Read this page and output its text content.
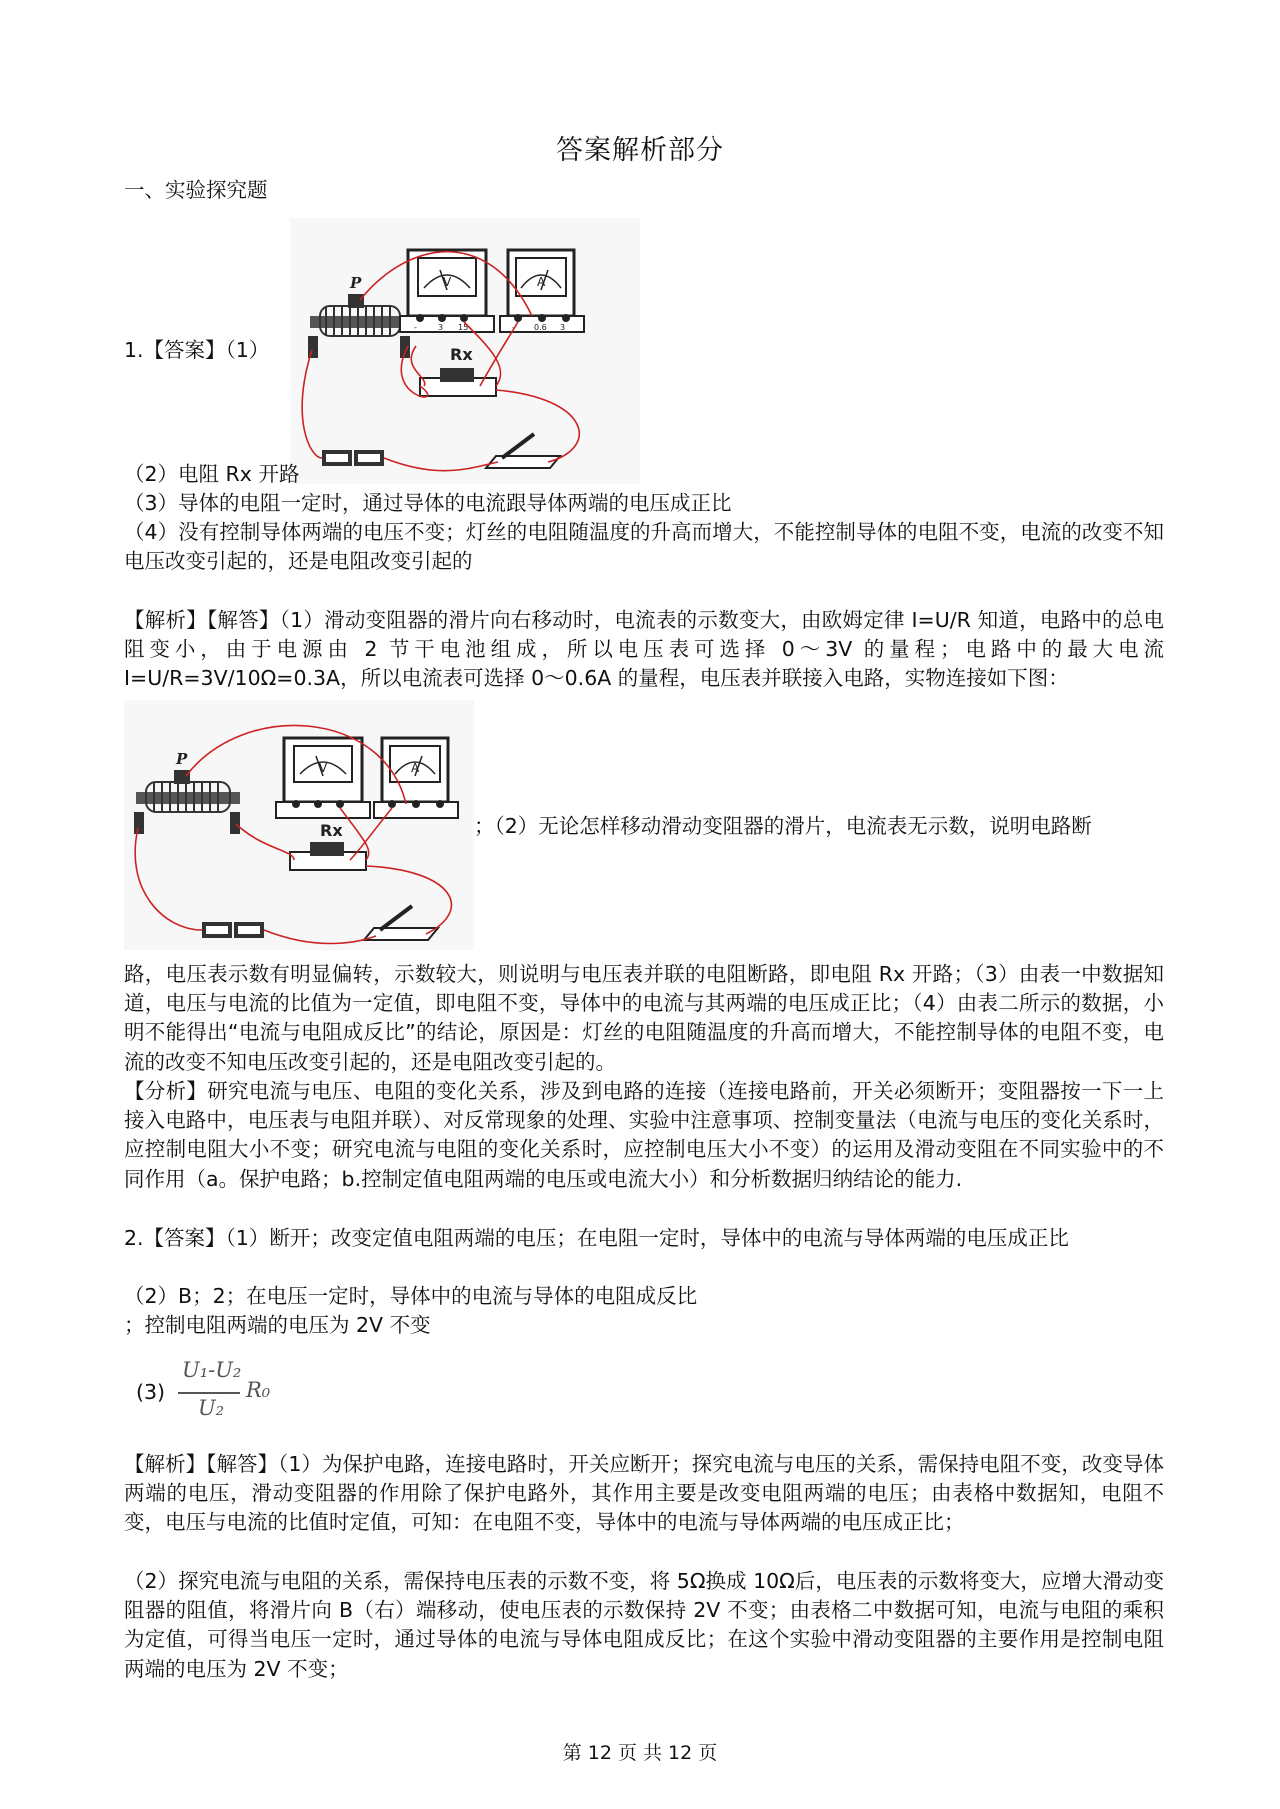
答案解析部分
一、实验探究题
1.【答案】（1）
P	V
-	3 15
A
- 0.6 3
Rx
（2）电阻 Rx 开路
（3）导体的电阻一定时，通过导体的电流跟导体两端的电压成正比
（4）没有控制导体两端的电压不变；灯丝的电阻随温度的升高而增大，不能控制导体的电阻不变，电流的改变不知电压改变引起的，还是电阻改变引起的
【解析】【解答】（1）滑动变阻器的滑片向右移动时，电流表的示数变大，由欧姆定律 I=U/R 知道，电路中的总电阻变小，由于电源由 2 节干电池组成，所以电压表可选择 0～3V 的量程；电路中的最大电流 I=U/R=3V/10Ω=0.3A，所以电流表可选择 0～0.6A 的量程，电压表并联接入电路，实物连接如下图：
P	V	A
Rx	；（2）无论怎样移动滑动变阻器的滑片，电流表无示数，说明电路断
路，电压表示数有明显偏转，示数较大，则说明与电压表并联的电阻断路，即电阻 Rx 开路；（3）由表一中数据知道，电压与电流的比值为一定值，即电阻不变，导体中的电流与其两端的电压成正比；（4）由表二所示的数据，小明不能得出“电流与电阻成反比”的结论，原因是：灯丝的电阻随温度的升高而增大，不能控制导体的电阻不变，电流的改变不知电压改变引起的，还是电阻改变引起的。
【分析】研究电流与电压、电阻的变化关系，涉及到电路的连接（连接电路前，开关必须断开；变阻器按一下一上接入电路中，电压表与电阻并联）、对反常现象的处理、实验中注意事项、控制变量法（电流与电压的变化关系时，应控制电阻大小不变；研究电流与电阻的变化关系时，应控制电压大小不变）的运用及滑动变阻在不同实验中的不同作用（a。保护电路；b.控制定值电阻两端的电压或电流大小）和分析数据归纳结论的能力.
2.【答案】（1）断开；改变定值电阻两端的电压；在电阻一定时，导体中的电流与导体两端的电压成正比
（2）B；2；在电压一定时，导体中的电流与导体的电阻成反比
；控制电阻两端的电压为 2V 不变
(3)
U₁-U₂
U₂
R₀
【解析】【解答】（1）为保护电路，连接电路时，开关应断开；探究电流与电压的关系，需保持电阻不变，改变导体两端的电压，滑动变阻器的作用除了保护电路外，其作用主要是改变电阻两端的电压；由表格中数据知，电阻不变，电压与电流的比值时定值，可知：在电阻不变，导体中的电流与导体两端的电压成正比；
（2）探究电流与电阻的关系，需保持电压表的示数不变，将 5Ω换成 10Ω后，电压表的示数将变大，应增大滑动变阻器的阻值，将滑片向 B（右）端移动，使电压表的示数保持 2V 不变；由表格二中数据可知，电流与电阻的乘积为定值，可得当电压一定时，通过导体的电流与导体电阻成反比；在这个实验中滑动变阻器的主要作用是控制电阻两端的电压为 2V 不变；
第 12 页 共 12 页
